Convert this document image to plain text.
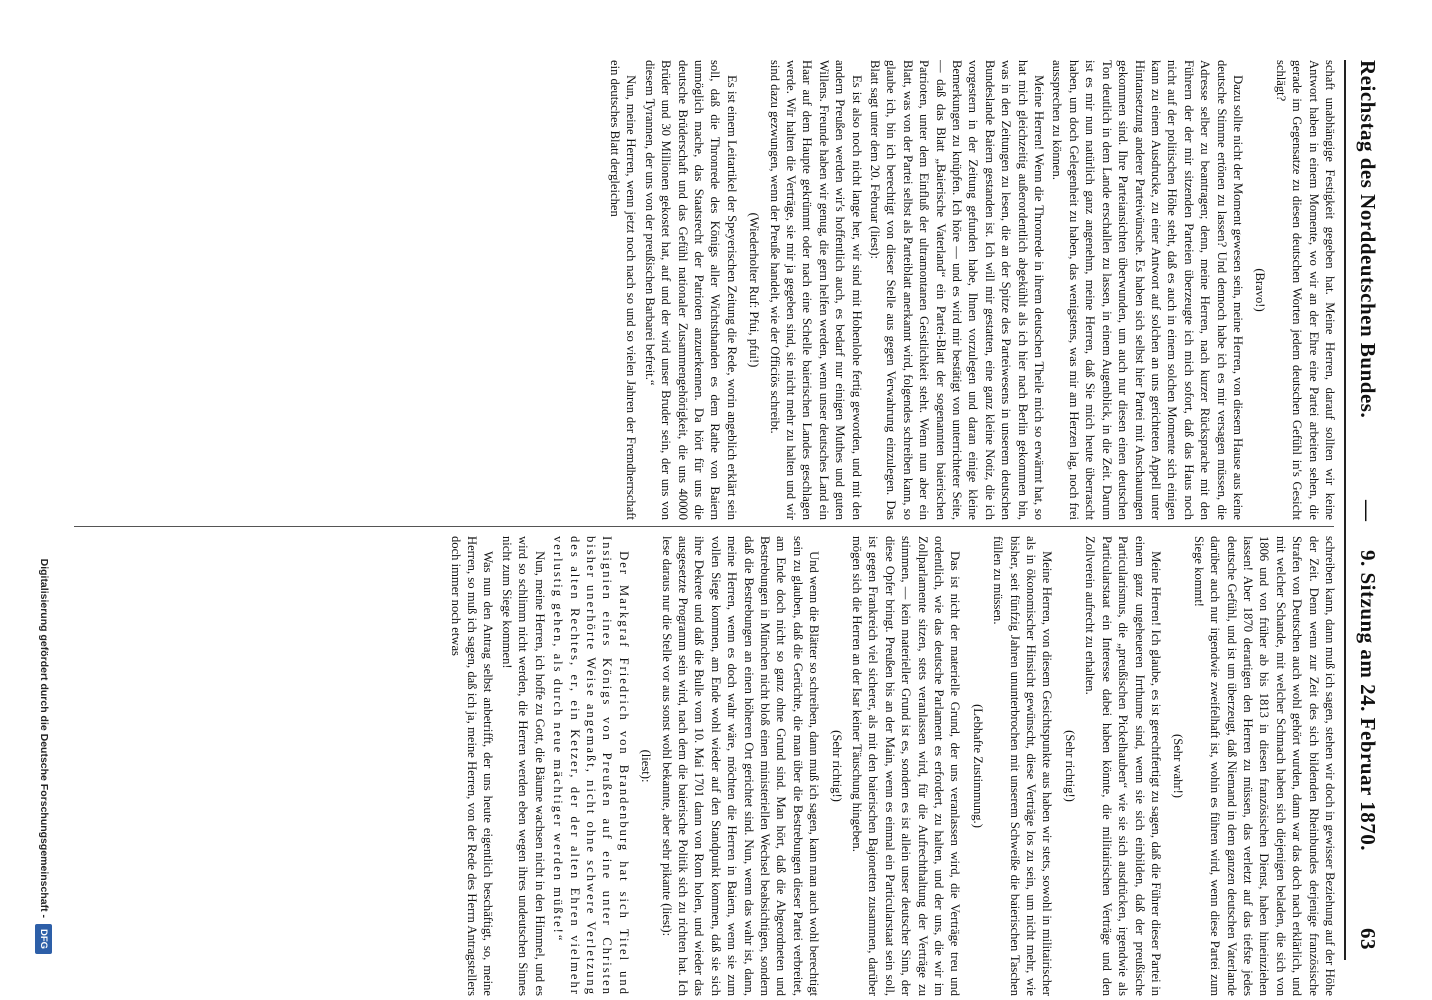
Reichstag des Norddeutschen Bundes.
—
9. Sitzung am 24. Februar 1870.
63

schaft unabhängige Festigkeit gegeben hat. Meine Herren, darauf sollten wir keine Antwort haben in einem Momente, wo wir an der Ehre eine Partei arbeiten sehen, die gerade im Gegensatze zu diesen deutschen Worten jedem deutschen Gefühl in's Gesicht schlägt?

(Bravo!)

Dazu sollte nicht der Moment gewesen sein, meine Herren, von diesem Hause aus keine deutsche Stimme ertönen zu lassen? Und dennoch habe ich es mir versagen müssen, die Adresse selber zu beantragen; denn, meine Herren, nach kurzer Rücksprache mit den Führern der der mir sitzenden Parteien überzeugte ich mich sofort, daß das Haus noch nicht auf der politischen Höhe steht, daß es auch in einem solchen Momente sich einigen kann zu einem Ausdrucke, zu einer Antwort auf solchen an uns gerichteten Appell unter Hintansetzung anderer Parteiwünsche. Es haben sich selbst hier Partei mit Anschauungen gekommen sind. Ihre Parteiansichten überwunden, um auch nur diesen einen deutschen Ton deutlich in dem Lande erschallen zu lassen, in einem Augenblick, in die Zeit. Darum ist es mir nun natürlich ganz angenehm, meine Herren, daß Sie mich heute überrascht haben, um doch Gelegenheit zu haben, das wenigstens, was mir am Herzen lag, noch frei aussprechen zu können.

Meine Herren! Wenn die Thronrede in ihrem deutschen Theile mich so erwärmt hat, so hat mich gleichzeitig außerordentlich abgekühlt als ich hier nach Berlin gekommen bin, was in den Zeitungen zu lesen, die an der Spitze des Parteiwesens in unserem deutschen Bundeslande Baiern gestanden ist. Ich will mir gestatten, eine ganz kleine Notiz, die ich vorgestern in der Zeitung gefunden habe, Ihnen vorzulegen und daran einige kleine Bemerkungen zu knüpfen. Ich höre — und es wird mir bestätigt von unterrichteter Seite, — daß das Blatt „Baierische Vaterland“ ein Partei-Blatt der sogenannten baierischen Patrioten, unter dem Einfluß der ultramontanen Geistlichkeit steht. Wenn nun aber ein Blatt, was von der Partei selbst als Parteiblatt anerkannt wird, folgendes schreiben kann, so glaube ich, bin ich berechtigt von dieser Stelle aus gegen Verwahrung einzulegen. Das Blatt sagt unter dem 20. Februar (liest):

Es ist also noch nicht lange her, wir sind mit Hohenlohe fertig geworden, und mit den andern Preußen werden wir's hoffentlich auch, es bedarf nur einigen Muthes und guten Willens. Freunde haben wir genug, die gern helfen werden, wenn unser deutsches Land ein Haar auf dem Haupte gekrümmt oder nach eine Schelle baierischen Landes geschlagen werde. Wir halten die Verträge, sie mir ja gegeben sind, sie nicht mehr zu halten und wir sind dazu gezwungen, wenn der Preuße handelt, wie der Officiös schreibt.

(Wiederholter Ruf: Pfui, pfui!)

Es ist einem Leitartikel der Speyerischen Zeitung die Rede, worin angeblich erklärt sein soll, daß die Thronrede des Königs aller Wichtsthanden es dem Rathe von Baiern unmöglich mache, das Staatsrecht der Patrioten anzuerkennen. Da hört für uns die deutsche Brüderschaft und das Gefühl nationaler Zusammengehörigkeit, die uns 40000 Brüder und 30 Millionen gekostet hat, auf und der wird unser Bruder sein, der uns von diesem Tyrannen, der uns von der preußischen Barbarei befreit.“

Nun, meine Herren, wenn jetzt noch nach so und so vielen Jahren der Fremdherrschaft ein deutsches Blatt dergleichen

schreiben kann, dann muß ich sagen, stehen wir doch in gewisser Beziehung auf der Höhe der Zeit. Denn wenn zur Zeit des sich bildenden Rheinbundes derjenige französische Strafen von Deutschen auch wohl gehört wurden, dann war das doch nach erklärlich, und mit welcher Schande, mit welcher Schmach haben sich diejenigen beladen, die sich von 1806 und von früher ab bis 1813 in diesen französischen Dienst, haben hineinziehen lassen! Aber 1870 derartigen den Herren zu müssen, das verletzt auf das tiefste jedes deutsche Gefühl, und ist um überzeugt, daß Niemand in dem ganzen deutschen Vaterlande darüber auch nur irgendwie zweifelhaft ist, wohin es führen wird, wenn diese Partei zum Siege kommt!

(Sehr wahr!)

Meine Herren! Ich glaube, es ist gerechtfertigt zu sagen, daß die Führer dieser Partei in einem ganz ungeheueren Irrthume sind, wenn sie sich einbilden, daß der preußische Particularismus, die „preußischen Pickelhauben“ wie sie sich ausdrücken, irgendwie als Particularstaat ein Interesse dabei haben könnte, die militairischen Verträge und den Zollverein aufrecht zu erhalten.

(Sehr richtig!)

Meine Herren, von diesem Gesichtspunkte aus haben wir stets, sowohl in militairischer als in ökonomischer Hinsicht gewünscht, diese Verträge los zu sein, um nicht mehr, wie bisher, seit fünfzig Jahren ununterbrochen mit unserem Schweiße die baierischen Taschen füllen zu müssen.

(Lebhafte Zustimmung.)

Das ist nicht der materielle Grund, der uns veranlassen wird, die Verträge treu und ordentlich, wie das deutsche Parlament es erfordert, zu halten, und der uns, die wir im Zollparlamente sitzen, stets veranlassen wird, für die Aufrechthaltung der Verträge zu stimmen, — kein materieller Grund ist es, sondern es ist allein unser deutscher Sinn, der diese Opfer bringt. Preußen bis an der Main, wenn es einmal ein Particularstaat sein soll, ist gegen Frankreich viel sicherer, als mit den baierischen Bajonetten zusammen, darüber mögen sich die Herren an der Isar keiner Täuschung hingeben.

(Sehr richtig!)

Und wenn die Blätter so schreiben, dann muß ich sagen, kann man auch wohl berechtigt sein zu glauben, daß die Gerüchte, die man über die Bestrebungen dieser Partei verbreitet, am Ende doch nicht so ganz ohne Grund sind. Man hört, daß die Abgeordneten und Bestrebungen in München nicht bloß einen ministeriellen Wechsel beabsichtigen, sondern daß die Bestrebungen an einen höheren Ort gerichtet sind. Nun, wenn das wahr ist, dann, meine Herren, wenn es doch wahr wäre, möchten die Herren in Baiern, wenn sie zum vollen Siege kommen, am Ende wohl wieder auf den Standpunkt kommen, daß sie sich ihre Dekrete und daß die Bulle vom 10. Mai 1701 dann von Rom holen, und wieder das ausgesetzte Programm sein wird, nach dem die baierische Politik sich zu richten hat. Ich lese daraus nur die Stelle vor aus sonst wohl bekannte, aber sehr pikante (liest):

(liest):

Der Markgraf Friedrich von Brandenburg hat sich Titel und Insignien eines Königs von Preußen auf eine unter Christen bisher unerhörte Weise angemaßt, nicht ohne schwere Verletzung des alten Rechtes, er, ein Ketzer, der der alten Ehren vielmehr verlustig gehen, als durch neue mächtiger werden müßte!“

Nun, meine Herren, ich hoffe zu Gott, die Bäume wachsen nicht in den Himmel, und es wird so schlimm nicht werden, die Herren werden eben wegen ihres undeutschen Sinnes nicht zum Siege kommen!

Was nun den Antrag selbst anbetrifft, der uns heute eigentlich beschäftigt, so, meine Herren, so muß ich sagen, daß ich ja, meine Herren, von der Rede des Herrn Antragstellers doch immer noch etwas

Digitalisierung gefördert durch die Deutsche Forschungsgemeinschaft -
DFG
